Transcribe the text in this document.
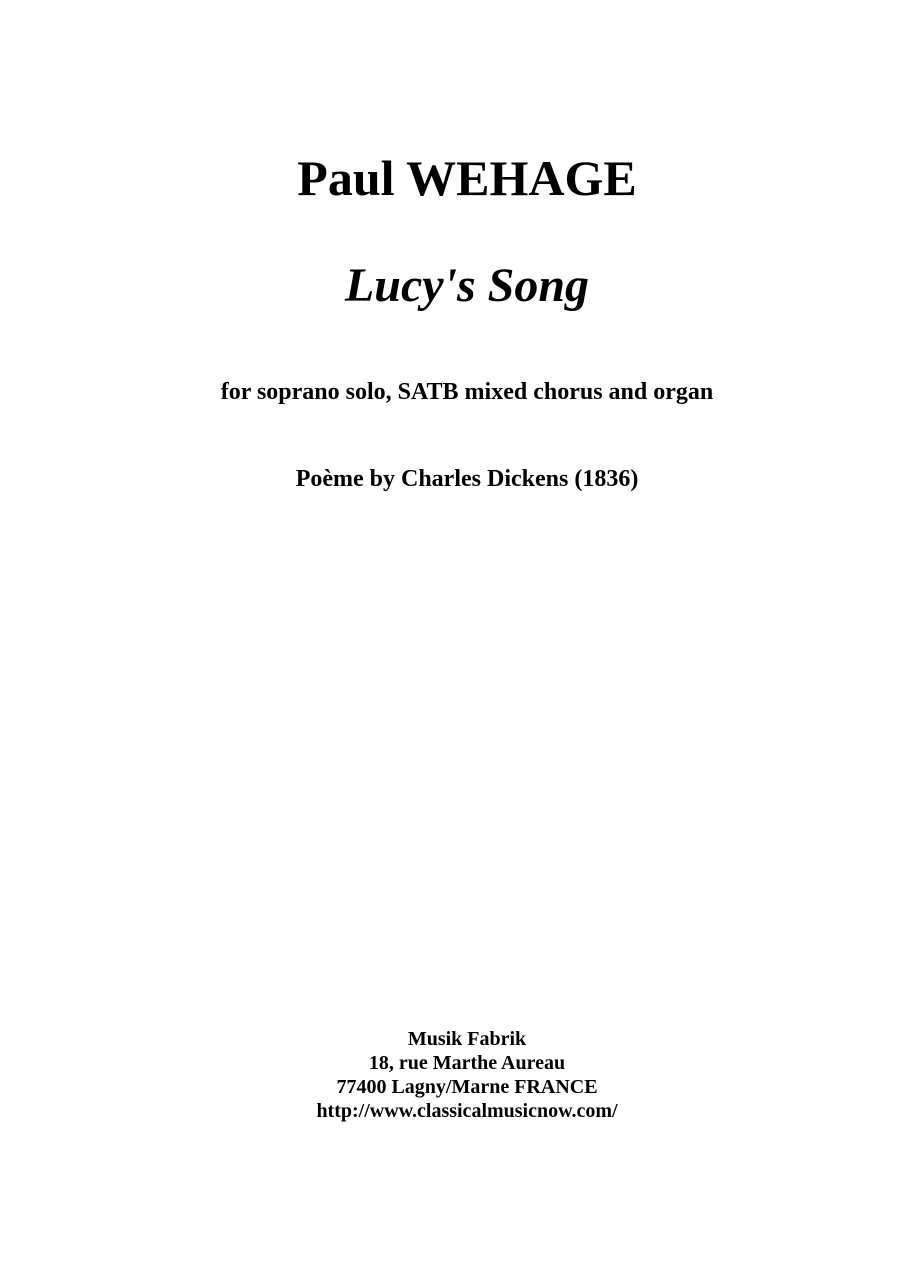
Paul WEHAGE
Lucy's Song
for soprano solo, SATB mixed chorus and organ
Poème by Charles Dickens (1836)
Musik Fabrik
18, rue Marthe Aureau
77400 Lagny/Marne FRANCE
http://www.classicalmusicnow.com/
